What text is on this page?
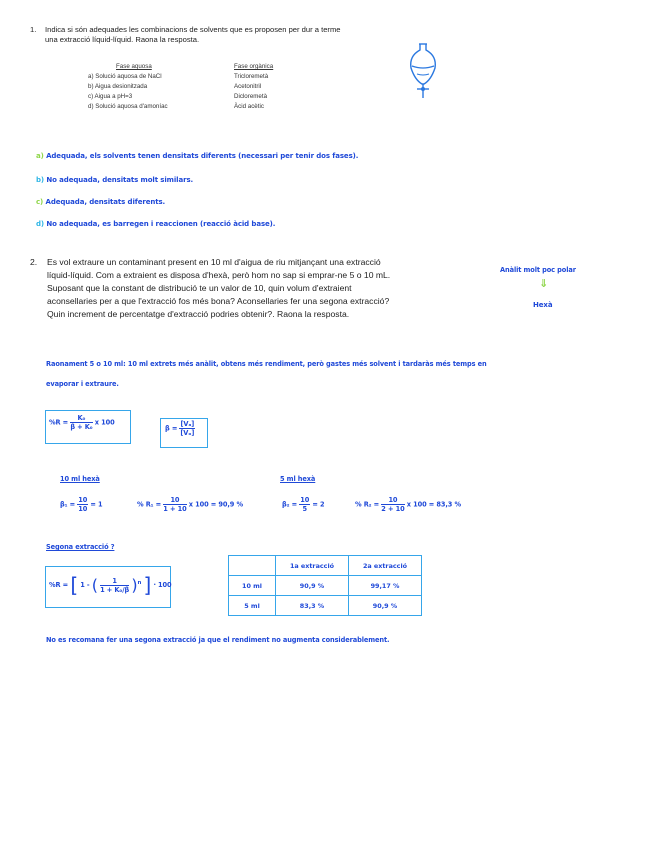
1. Indica si són adequades les combinacions de solvents que es proposen per dur a terme
una extracció líquid-líquid. Raona la resposta.
Fase aquosa	Fase orgànica
a) Solució aquosa de NaCl	Tricloremetà
b) Aigua desionitzada	Acetonitril
c) Aigua a pH=3	Dicloremetà
d) Solució aquosa d'amoníac	Àcid acètic
a) Adequada, els solvents tenen densitats diferents (necessari per tenir dos fases).
b) No adequada, densitats molt similars.
c) Adequada, densitats diferents.
d) No adequada, es barregen i reaccionen (reacció àcid base).
2. Es vol extraure un contaminant present en 10 ml d'aigua de riu mitjançant una extracció
líquid-líquid. Com a extraient es disposa d'hexà, però hom no sap si emprar-ne 5 o 10 mL.
Suposant que la constant de distribució te un valor de 10, quin volum d'extraient
aconsellaries per a que l'extracció fos més bona? Aconsellaries fer una segona extracció?
Quin increment de percentatge d'extracció podries obtenir?. Raona la resposta.
Anàlit molt poc polar
⇓
Hexà
Raonament 5 o 10 ml: 10 ml extrets més anàlit, obtens més rendiment, però gastes més solvent i tardaràs més temps en
evaporar i extraure.
$\%R = \frac{\text{K₀}}{\text{β + K₀}}$ x 100
$\beta = \frac{\text{[Vₐ]}}{\text{[Vₒ]}}$
10 ml hexà
$\beta_1 = \frac{10}{10} = 1$	% $R_1 = \frac{10}{1 + 10}$ x 100 = 90,9 %
5 ml hexà
$\beta_2 = \frac{10}{5} = 2$	% $R_2 = \frac{10}{2 + 10}$ x 100 = 83,3 %
Segona extracció ?
%R = [ 1 - ( $\frac{1}{\text{1 + K₀/β}} )^n$ ] · 100
	1a extracció	2a extracció
10 ml	90,9 %	99,17 %
5 ml	83,3 %	90,9 %
No es recomana fer una segona extracció ja que el rendiment no augmenta considerablement.
